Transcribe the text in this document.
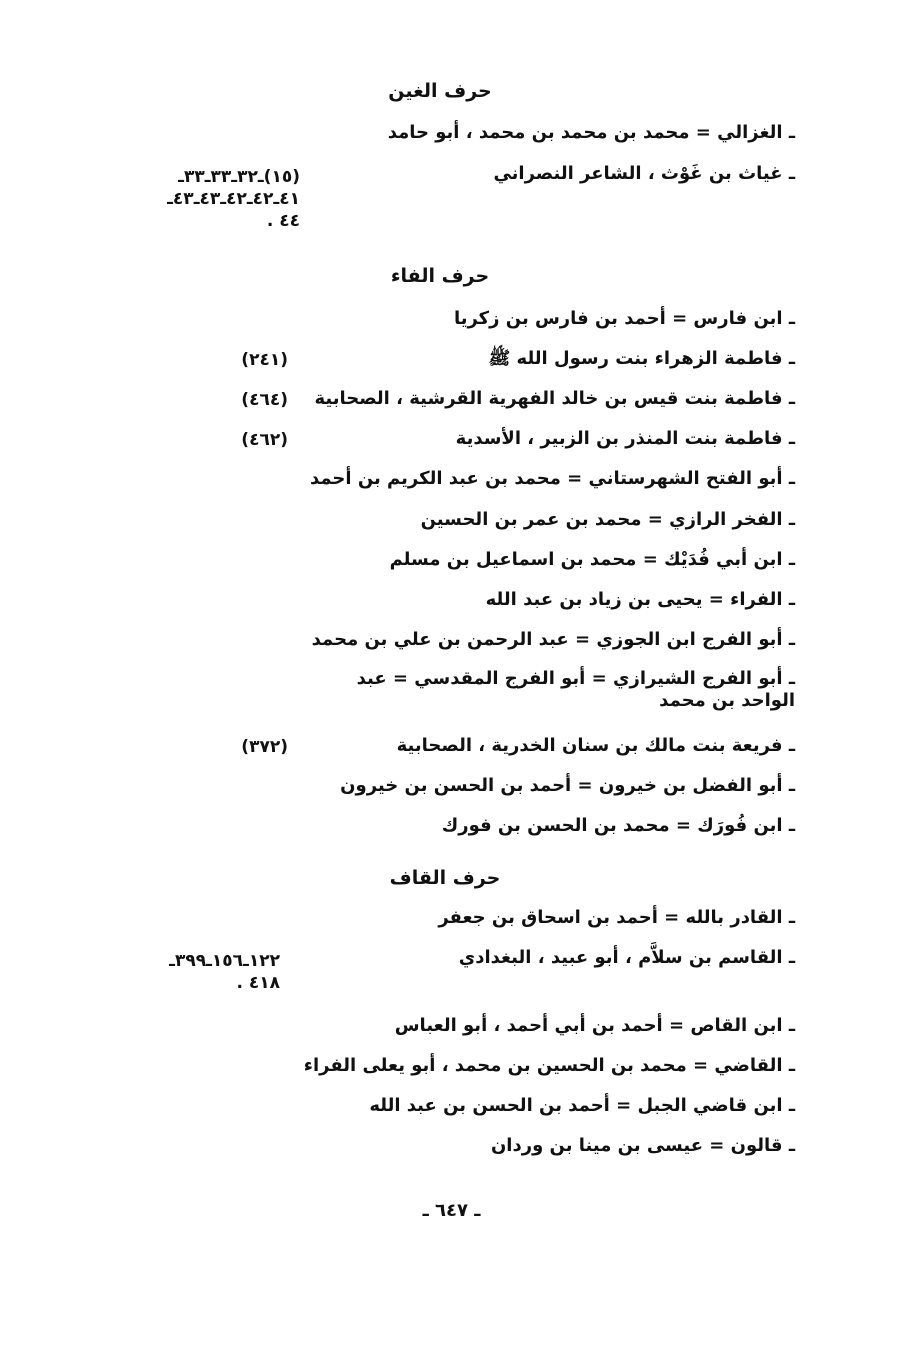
حرف الغين
ـ الغزالي = محمد بن محمد بن محمد ، أبو حامد
ـ غياث بن غَوْث ، الشاعر النصراني
(١٥)ـ٣٢ـ٣٣ـ٣٣ـ
٤١ـ٤٢ـ٤٢ـ٤٣ـ٤٣ـ
٤٤ .
حرف الفاء
ـ ابن فارس = أحمد بن فارس بن زكريا
ـ فاطمة الزهراء بنت رسول الله ﷺ
(٢٤١)
ـ فاطمة بنت قيس بن خالد الفهرية القرشية ، الصحابية
(٤٦٤)
ـ فاطمة بنت المنذر بن الزبير ، الأسدية
(٤٦٢)
ـ أبو الفتح الشهرستاني = محمد بن عبد الكريم بن أحمد
ـ الفخر الرازي = محمد بن عمر بن الحسين
ـ ابن أبي فُدَيْك = محمد بن اسماعيل بن مسلم
ـ الفراء = يحيى بن زياد بن عبد الله
ـ أبو الفرج ابن الجوزي = عبد الرحمن بن علي بن محمد
ـ أبو الفرج الشيرازي = أبو الفرج المقدسي = عبد الواحد بن محمد
ـ فريعة بنت مالك بن سنان الخدرية ، الصحابية
(٣٧٢)
ـ أبو الفضل بن خيرون = أحمد بن الحسن بن خيرون
ـ ابن فُورَك = محمد بن الحسن بن فورك
حرف القاف
ـ القادر بالله = أحمد بن اسحاق بن جعفر
ـ القاسم بن سلاَّم ، أبو عبيد ، البغدادي
١٢٢ـ١٥٦ـ٣٩٩ـ
٤١٨ .
ـ ابن القاص = أحمد بن أبي أحمد ، أبو العباس
ـ القاضي = محمد بن الحسين بن محمد ، أبو يعلى الفراء
ـ ابن قاضي الجبل = أحمد بن الحسن بن عبد الله
ـ قالون = عيسى بن مينا بن وردان
ـ ٦٤٧ ـ
